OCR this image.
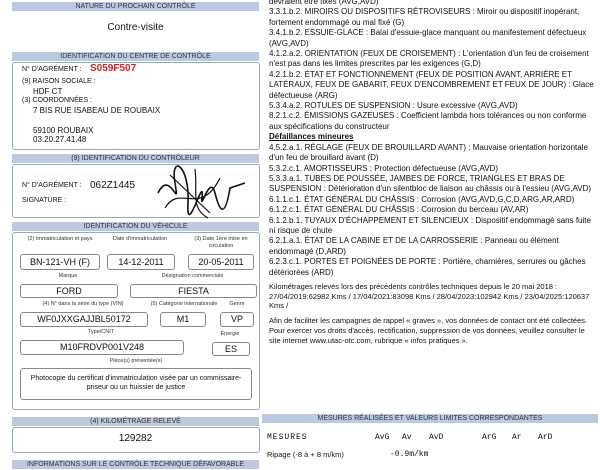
NATURE DU PROCHAIN CONTRÔLE
Contre-visite
IDENTIFICATION DU CENTRE DE CONTRÔLE
N° D'AGRÉMENT : S059F507
(9) RAISON SOCIALE :
HDF CT
(3) COORDONNÉES :
7 BIS RUE ISABEAU DE ROUBAIX
59100 ROUBAIX
03.20.27.41.48
(9) IDENTIFICATION DU CONTRÔLEUR
N° D'AGRÉMENT : 062Z1445
SIGNATURE :
IDENTIFICATION DU VÉHICULE
(2) Immatriculation et pays	Date d'immatriculation	(3) Date 1ère mise en circulation
BN-121-VH (F)	14-12-2011	20-05-2011
Marque	Désignation commerciale
FORD	FIESTA
(4) N° dans la série du type (VIN)	(5) Catégorie internationale	Genre
WF0JXXGAJJBL50172	M1	VP
Type/CNIT	Énergie
M10FRDVP001V248	ES
Pièce(s) présentée(s)
Photocopie du certificat d'immatriculation visée par un commissaire-priseur ou un huissier de justice
(4) KILOMÉTRAGE RELEVÉ
129282
INFORMATIONS SUR LE CONTRÔLE TECHNIQUE DÉFAVORABLE

devraient être fixés (AVG,AVD)

3.3.1.b.2. MIROIRS OU DISPOSITIFS RÉTROVISEURS : Miroir ou dispositif inopérant, fortement endommagé ou mal fixé (G)

3.4.1.b.2. ESSUIE-GLACE : Balai d'essuie-glace manquant ou manifestement défectueux (AVG,AVD)

4.1.2.a.2. ORIENTATION (FEUX DE CROISEMENT) : L'orientation d'un feu de croisement n'est pas dans les limites prescrites par les exigences (G,D)

4.2.1.b.2. ÉTAT ET FONCTIONNEMENT (FEUX DE POSITION AVANT, ARRIÈRE ET LATÉRAUX, FEUX DE GABARIT, FEUX D'ENCOMBREMENT ET FEUX DE JOUR) : Glace défectueuse (ARG)

5.3.4.a.2. ROTULES DE SUSPENSION : Usure excessive (AVG,AVD)

8.2.1.c.2. ÉMISSIONS GAZEUSES : Coefficient lambda hors tolérances ou non conforme aux spécifications du constructeur

Défaillances mineures

4.5.2.a.1. RÉGLAGE (FEUX DE BROUILLARD AVANT) : Mauvaise orientation horizontale d'un feu de brouillard avant (D)

5.3.2.c.1. AMORTISSEURS : Protection défectueuse (AVG,AVD)

5.3.3.a.1. TUBES DE POUSSÉE, JAMBES DE FORCE, TRIANGLES ET BRAS DE SUSPENSION : Détérioration d'un silentbloc de liaison au châssis ou à l'essieu (AVG,AVD)

6.1.1.c.1. ÉTAT GÉNÉRAL DU CHÂSSIS : Corrosion (AVG,AVD,G,C,D,ARG,AR,ARD)

6.1.2.c.1. ÉTAT GÉNÉRAL DU CHÂSSIS : Corrosion du berceau (AV,AR)

6.1.2.b.1. TUYAUX D'ÉCHAPPEMENT ET SILENCIEUX : Dispositif endommagé sans fuite ni risque de chute

6.2.1.a.1. ÉTAT DE LA CABINE ET DE LA CARROSSERIE : Panneau ou élément endommagé (D,ARD)

6.2.3.c.1. PORTES ET POIGNÉES DE PORTE : Portière, charnières, serrures ou gâches détériorées (ARD)

Kilométrages relevés lors des précédents contrôles techniques depuis le 20 mai 2018 : 27/04/2019:62982 Kms / 17/04/2021:83098 Kms / 28/04/2023:102942 Kms / 23/04/2025:120637 Kms /
Afin de faciliter les campagnes de rappel « graves », vos données de contact ont été collectées. Pour exercer vos droits d'accès, rectification, suppression de vos données, veuillez consulter le site internet www.utac-otc.com, rubrique « infos pratiques ».
MESURES RÉALISÉES ET VALEURS LIMITES CORRESPONDANTES
MESURES	AvG Av AvD	ArG Ar ArD
Ripage (-8 à + 8 m/km)	-0.9m/km
